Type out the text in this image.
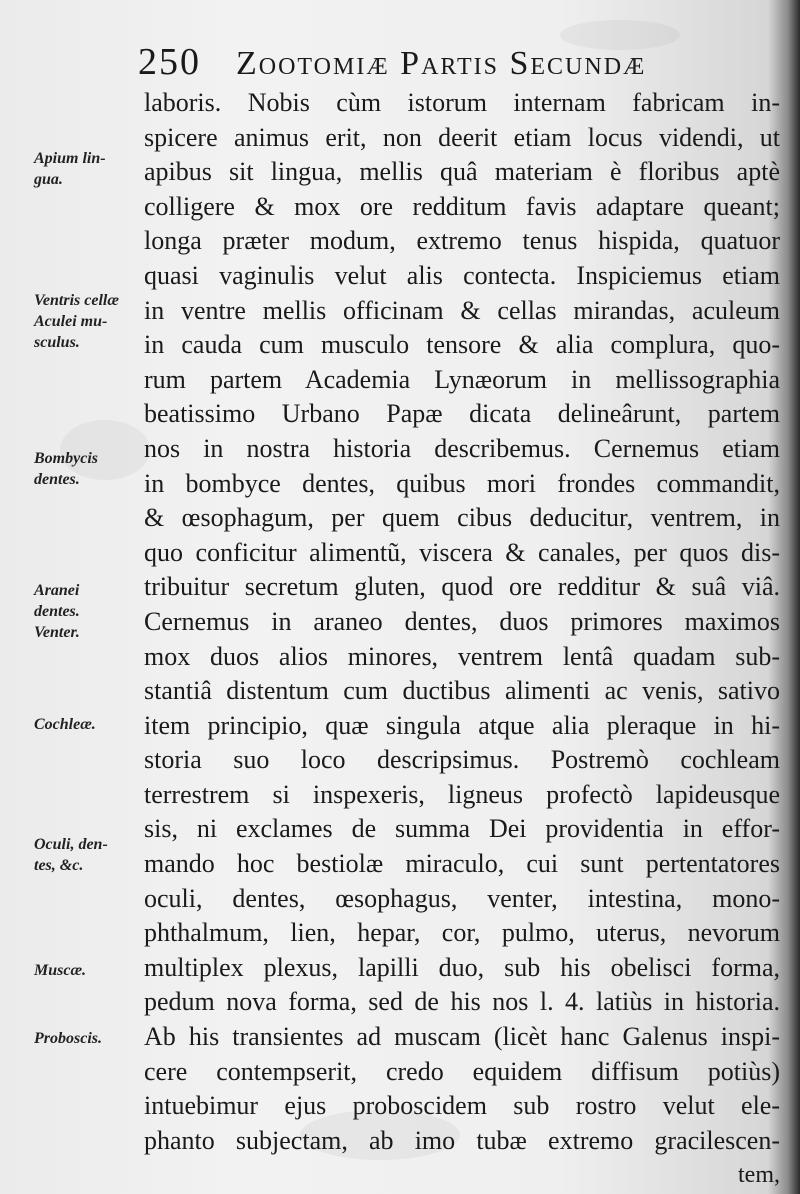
250 Zootomiæ Partis Secundæ
Apium lin-
gua.
Ventris cellæ
Aculei mu-
sculus.
Bombycis
dentes.
Aranei
dentes.
Venter.
Cochleæ.
Oculi, den-
tes, &c.
Muscæ.
Proboscis.
laboris. Nobis cùm istorum internam fabricam in-
spicere animus erit, non deerit etiam locus videndi, ut
apibus sit lingua, mellis quâ materiam è floribus aptè
colligere & mox ore redditum favis adaptare queant;
longa præter modum, extremo tenus hispida, quatuor
quasi vaginulis velut alis contecta. Inspiciemus etiam
in ventre mellis officinam & cellas mirandas, aculeum
in cauda cum musculo tensore & alia complura, quo-
rum partem Academia Lynæorum in mellissographia
beatissimo Urbano Papæ dicata delineârunt, partem
nos in nostra historia describemus. Cernemus etiam
in bombyce dentes, quibus mori frondes commandit,
& œsophagum, per quem cibus deducitur, ventrem, in
quo conficitur alimentũ, viscera & canales, per quos dis-
tribuitur secretum gluten, quod ore redditur & suâ viâ.
Cernemus in araneo dentes, duos primores maximos
mox duos alios minores, ventrem lentâ quadam sub-
stantiâ distentum cum ductibus alimenti ac venis, sativo
item principio, quæ singula atque alia pleraque in hi-
storia suo loco descripsimus. Postremò cochleam
terrestrem si inspexeris, ligneus profectò lapideusque
sis, ni exclames de summa Dei providentia in effor-
mando hoc bestiolæ miraculo, cui sunt pertentatores
oculi, dentes, œsophagus, venter, intestina, mono-
phthalmum, lien, hepar, cor, pulmo, uterus, nevorum
multiplex plexus, lapilli duo, sub his obelisci forma,
pedum nova forma, sed de his nos l. 4. latiùs in historia.
Ab his transientes ad muscam (licèt hanc Galenus inspi-
cere contempserit, credo equidem diffisum potiùs)
intuebimur ejus proboscidem sub rostro velut ele-
phanto subjectam, ab imo tubæ extremo gracilescen-
tem,
